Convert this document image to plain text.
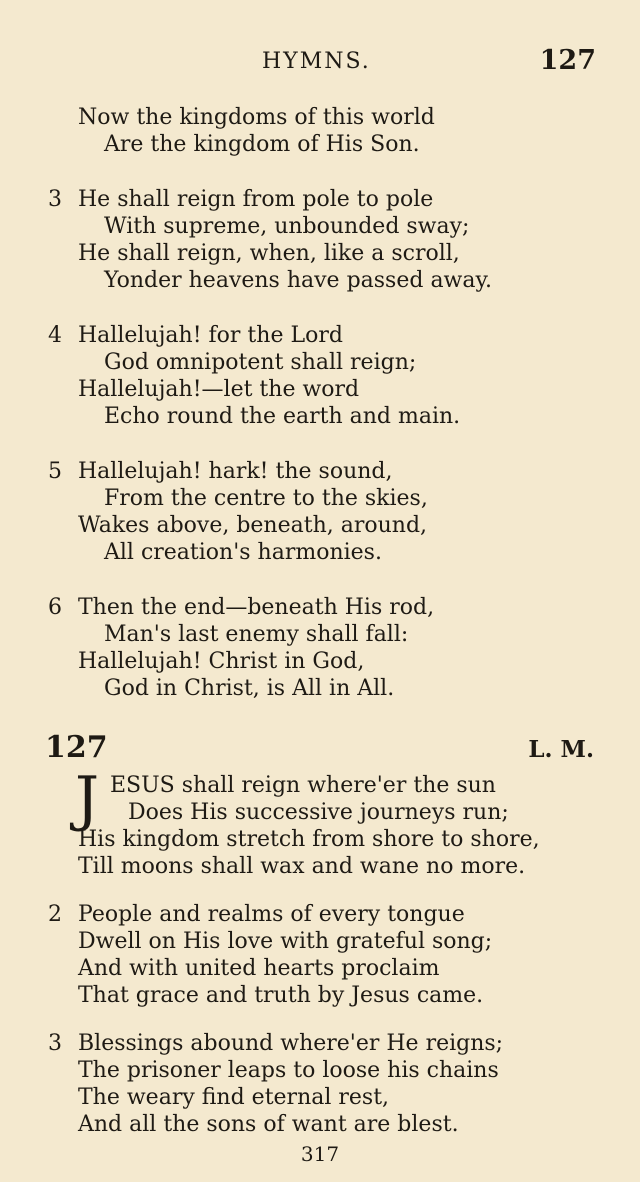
HYMNS.	127
Now the kingdoms of this world
Are the kingdom of His Son.
3 He shall reign from pole to pole
With supreme, unbounded sway;
He shall reign, when, like a scroll,
Yonder heavens have passed away.
4 Hallelujah! for the Lord
God omnipotent shall reign;
Hallelujah!—let the word
Echo round the earth and main.
5 Hallelujah! hark! the sound,
From the centre to the skies,
Wakes above, beneath, around,
All creation's harmonies.
6 Then the end—beneath His rod,
Man's last enemy shall fall:
Hallelujah! Christ in God,
God in Christ, is All in All.
127	L. M.
J ESUS shall reign where'er the sun
Does His successive journeys run;
His kingdom stretch from shore to shore,
Till moons shall wax and wane no more.
2 People and realms of every tongue
Dwell on His love with grateful song;
And with united hearts proclaim
That grace and truth by Jesus came.
3 Blessings abound where'er He reigns;
The prisoner leaps to loose his chains
The weary find eternal rest,
And all the sons of want are blest.
317
